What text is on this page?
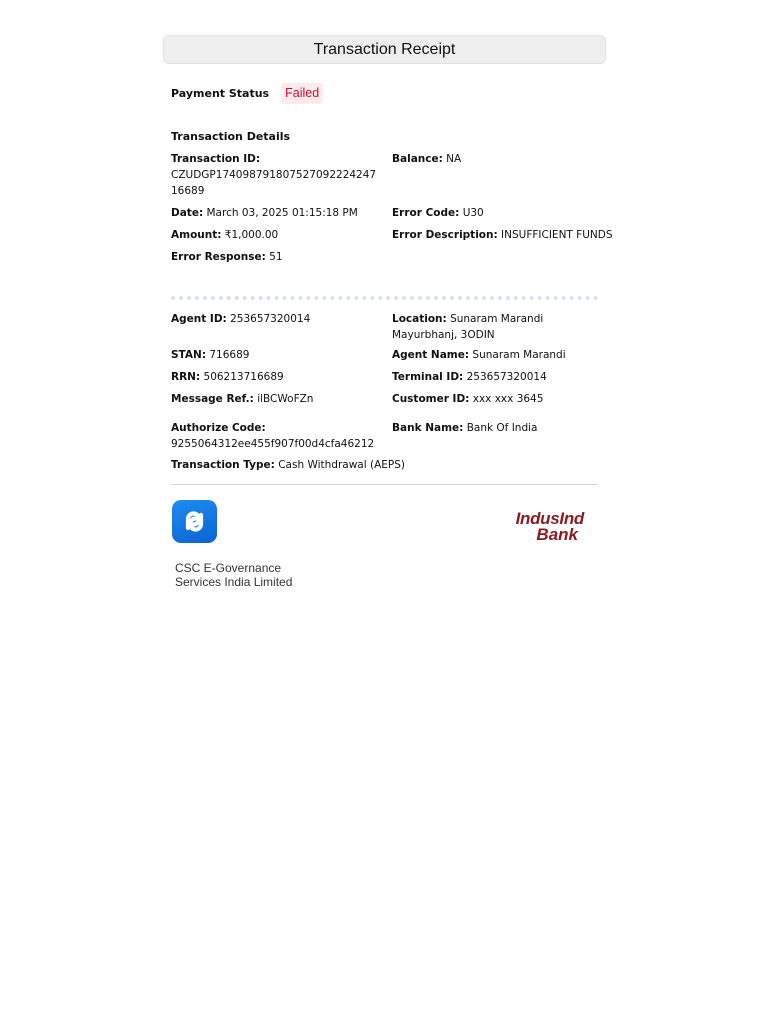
Transaction Receipt
Payment Status	Failed
Transaction Details
Transaction ID:
CZUDGP174098791807527092224247 16689
Balance: NA
Date: March 03, 2025 01:15:18 PM	Error Code: U30
Amount: ₹1,000.00	Error Description: INSUFFICIENT FUNDS
Error Response: 51
Agent ID: 253657320014	Location: Sunaram Marandi Mayurbhanj, 3ODIN
STAN: 716689	Agent Name: Sunaram Marandi
RRN: 506213716689	Terminal ID: 253657320014
Message Ref.: ilBCWoFZn	Customer ID: xxx xxx 3645
Authorize Code:
9255064312ee455f907f00d4cfa46212
Bank Name: Bank Of India
Transaction Type: Cash Withdrawal (AEPS)
CSC E-Governance
Services India Limited
IndusInd
Bank
